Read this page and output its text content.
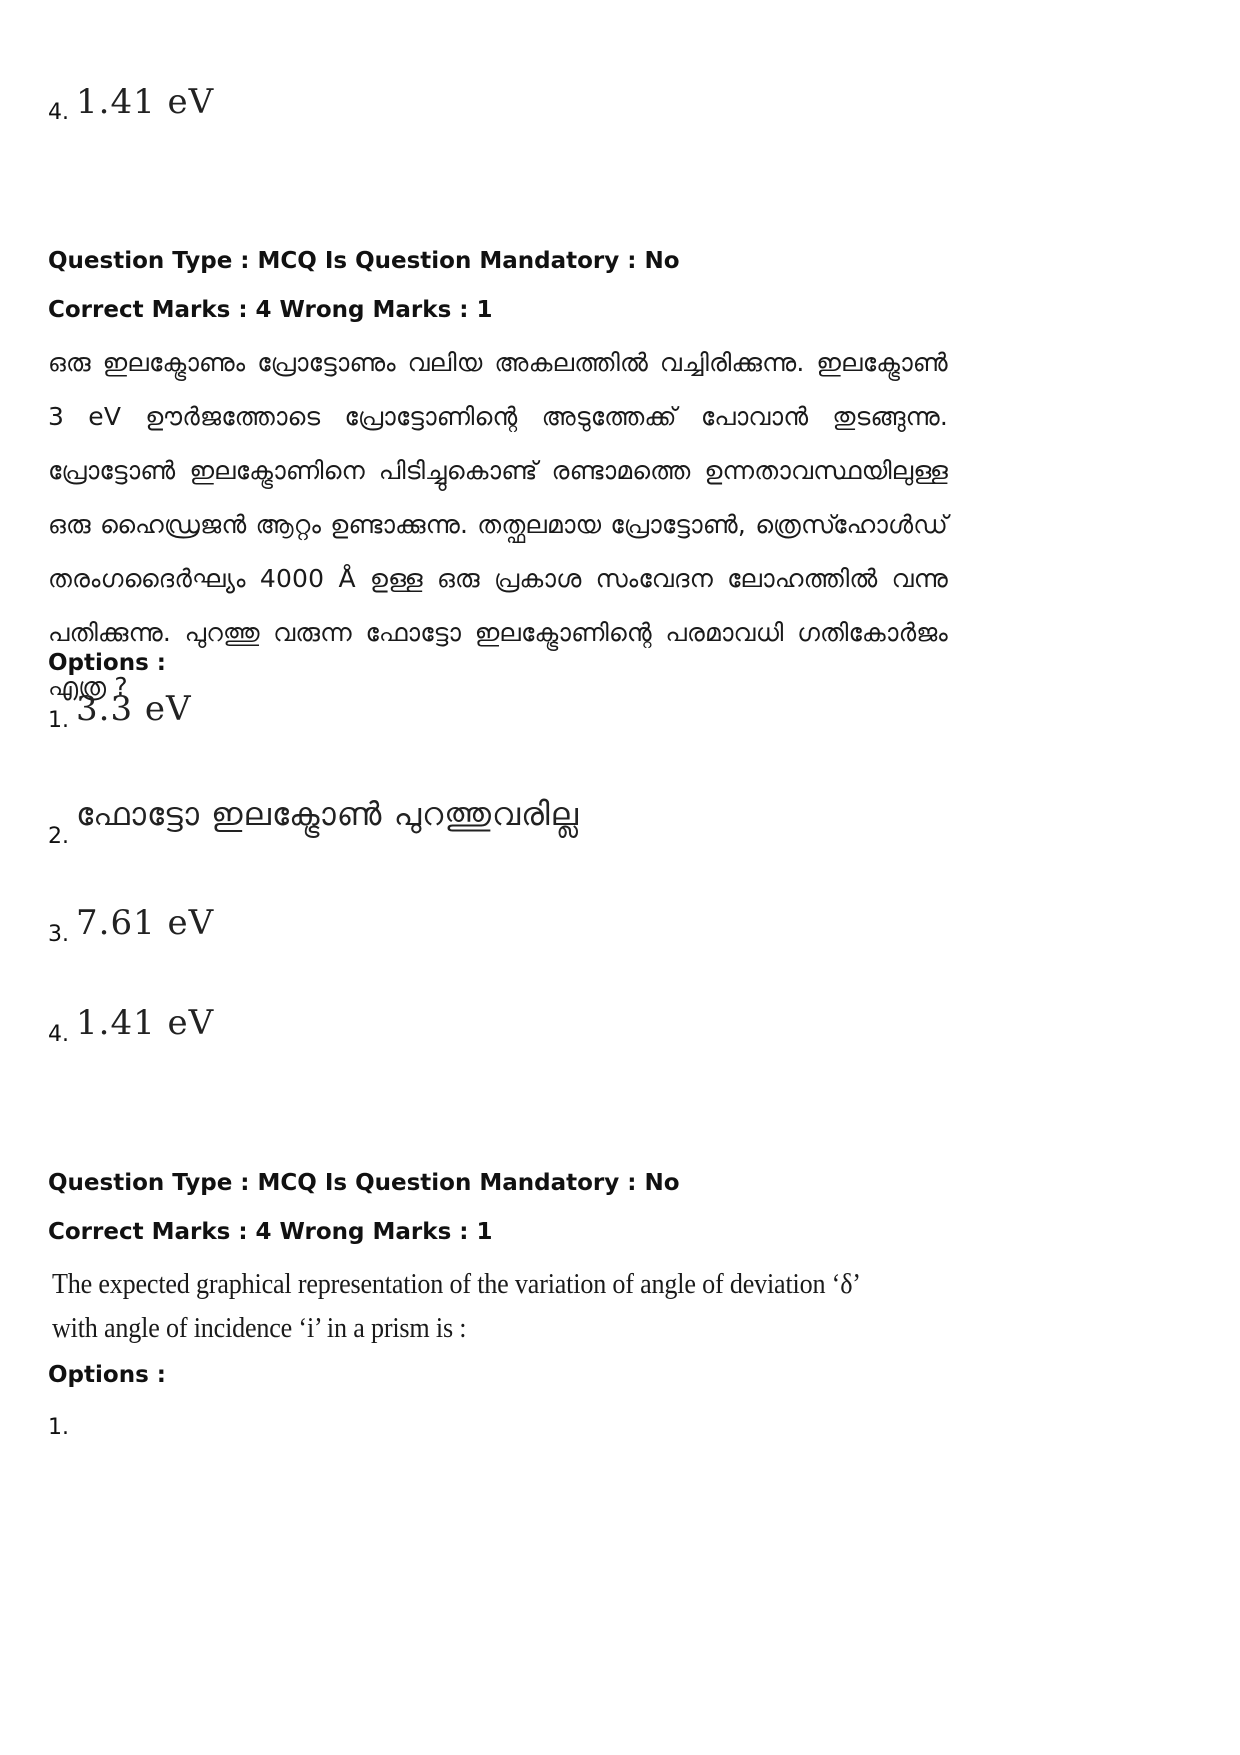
4. 1.41 eV
Question Type : MCQ Is Question Mandatory : No
Correct Marks : 4 Wrong Marks : 1
ഒരു ഇലക്ട്രോണും പ്രോട്ടോണും വലിയ അകലത്തിൽ വച്ചിരിക്കുന്നു. ഇലക്ട്രോൺ 3 eV ഊർജത്തോടെ പ്രോട്ടോണിന്റെ അടുത്തേക്ക് പോവാൻ തുടങ്ങുന്നു. പ്രോട്ടോൺ ഇലക്ട്രോണിനെ പിടിച്ചുകൊണ്ട് രണ്ടാമത്തെ ഉന്നതാവസ്ഥയിലുള്ള ഒരു ഹൈഡ്രജൻ ആറ്റം ഉണ്ടാക്കുന്നു. തത്ഫലമായ പ്രോട്ടോൺ, ത്രെസ്ഹോൾഡ് തരംഗദൈർഘ്യം 4000 Å ഉള്ള ഒരു പ്രകാശ സംവേദന ലോഹത്തിൽ വന്നു പതിക്കുന്നു. പുറത്തു വരുന്ന ഫോട്ടോ ഇലക്ട്രോണിന്റെ പരമാവധി ഗതികോർജം എത്ര ?
Options :
1. 3.3 eV
2.
ഫോട്ടോ ഇലക്ട്രോൺ പുറത്തുവരില്ല
3. 7.61 eV
4. 1.41 eV
Question Type : MCQ Is Question Mandatory : No
Correct Marks : 4 Wrong Marks : 1
The expected graphical representation of the variation of angle of deviation ‘δ’ with angle of incidence ‘i’ in a prism is :
Options :
1.
